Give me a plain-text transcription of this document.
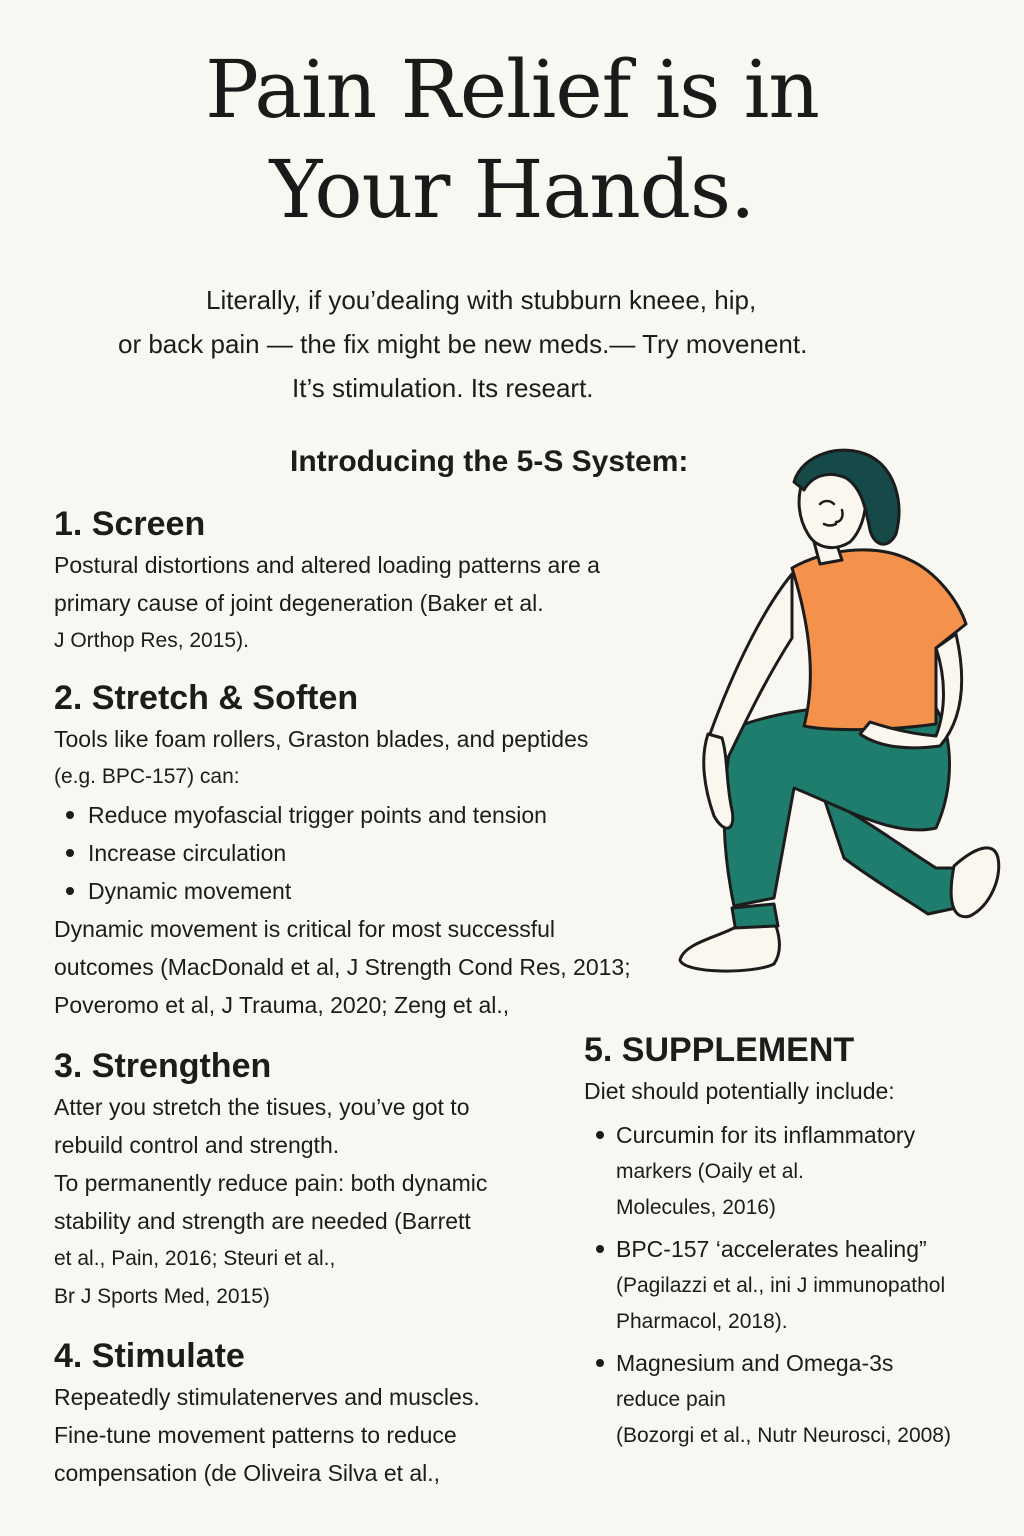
Pain Relief is in
Your Hands.

Literally, if you’dealing with stubburn kneee, hip,

or back pain — the fix might be new meds.— Try movenent.

It’s stimulation. Its researt.

Introducing the 5-S System:
1. Screen
Postural distortions and altered loading patterns are a
primary cause of joint degeneration (Baker et al.
J Orthop Res, 2015).
2. Stretch & Soften
Tools like foam rollers, Graston blades, and peptides
(e.g. BPC-157) can:
Reduce myofascial trigger points and tension
Increase circulation
Dynamic movement
Dynamic movement is critical for most successful
outcomes (MacDonald et al, J Strength Cond Res, 2013;
Poveromo et al, J Trauma, 2020; Zeng et al.,
3. Strengthen
Atter you stretch the tisues, you’ve got to
rebuild control and strength.
To permanently reduce pain: both dynamic
stability and strength are needed (Barrett
et al., Pain, 2016; Steuri et al.,
Br J Sports Med, 2015)
4. Stimulate
Repeatedly stimulatenerves and muscles.
Fine-tune movement patterns to reduce
compensation (de Oliveira Silva et al.,
5. SUPPLEMENT
Diet should potentially include:
Curcumin for its inflammatory
markers (Oaily et al.
Molecules, 2016)
BPC-157 ‘accelerates healing”
(Pagilazzi et al., ini J immunopathol
Pharmacol, 2018).
Magnesium and Omega-3s
reduce pain
(Bozorgi et al., Nutr Neurosci, 2008)
